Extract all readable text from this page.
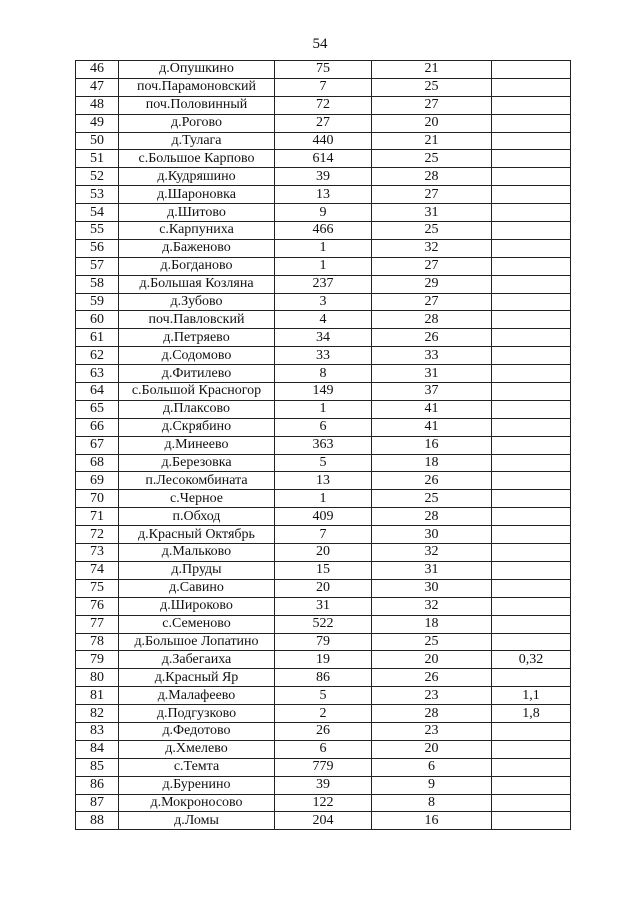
54
46	д.Опушкино	75	21	
47	поч.Парамоновский	7	25	
48	поч.Половинный	72	27	
49	д.Рогово	27	20	
50	д.Тулага	440	21	
51	с.Большое Карпово	614	25	
52	д.Кудряшино	39	28	
53	д.Шароновка	13	27	
54	д.Шитово	9	31	
55	с.Карпуниха	466	25	
56	д.Баженово	1	32	
57	д.Богданово	1	27	
58	д.Большая Козляна	237	29	
59	д.Зубово	3	27	
60	поч.Павловский	4	28	
61	д.Петряево	34	26	
62	д.Содомово	33	33	
63	д.Фитилево	8	31	
64	с.Большой Красногор	149	37	
65	д.Плаксово	1	41	
66	д.Скрябино	6	41	
67	д.Минеево	363	16	
68	д.Березовка	5	18	
69	п.Лесокомбината	13	26	
70	с.Черное	1	25	
71	п.Обход	409	28	
72	д.Красный Октябрь	7	30	
73	д.Мальково	20	32	
74	д.Пруды	15	31	
75	д.Савино	20	30	
76	д.Широково	31	32	
77	с.Семеново	522	18	
78	д.Большое Лопатино	79	25	
79	д.Забегаиха	19	20	0,32
80	д.Красный Яр	86	26	
81	д.Малафеево	5	23	1,1
82	д.Подгузково	2	28	1,8
83	д.Федотово	26	23	
84	д.Хмелево	6	20	
85	с.Темта	779	6	
86	д.Буренино	39	9	
87	д.Мокроносово	122	8	
88	д.Ломы	204	16	
